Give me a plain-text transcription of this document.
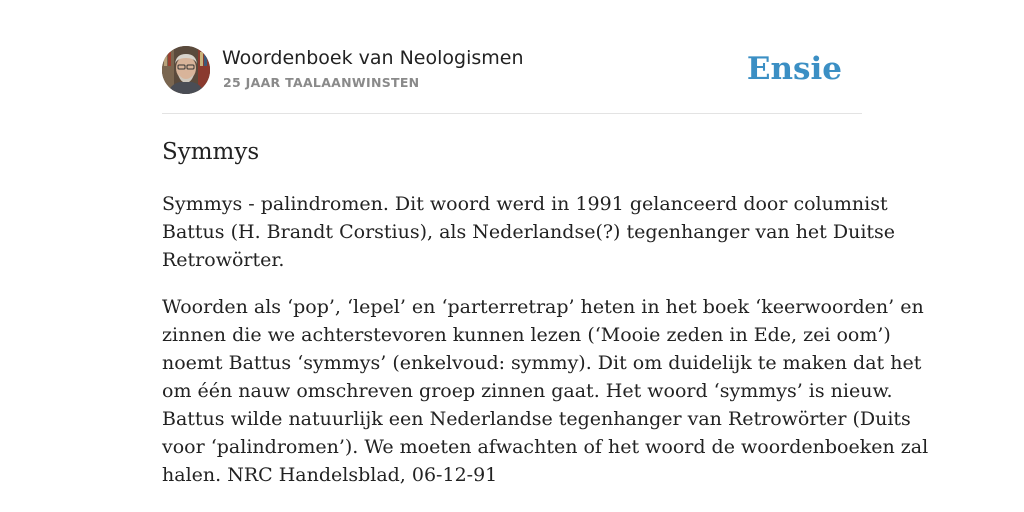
Woordenboek van Neologismen
25 JAAR TAALAANWINSTEN	Ensie
Symmys

Symmys - palindromen. Dit woord werd in 1991 gelanceerd door columnist
Battus (H. Brandt Corstius), als Nederlandse(?) tegenhanger van het Duitse
Retrowörter.

Woorden als ‘pop’, ‘lepel’ en ‘parterretrap’ heten in het boek ‘keerwoorden’ en
zinnen die we achterstevoren kunnen lezen (‘Mooie zeden in Ede, zei oom’)
noemt Battus ‘symmys’ (enkelvoud: symmy). Dit om duidelijk te maken dat het
om één nauw omschreven groep zinnen gaat. Het woord ‘symmys’ is nieuw.
Battus wilde natuurlijk een Nederlandse tegenhanger van Retrowörter (Duits
voor ‘palindromen’). We moeten afwachten of het woord de woordenboeken zal
halen. NRC Handelsblad, 06-12-91
